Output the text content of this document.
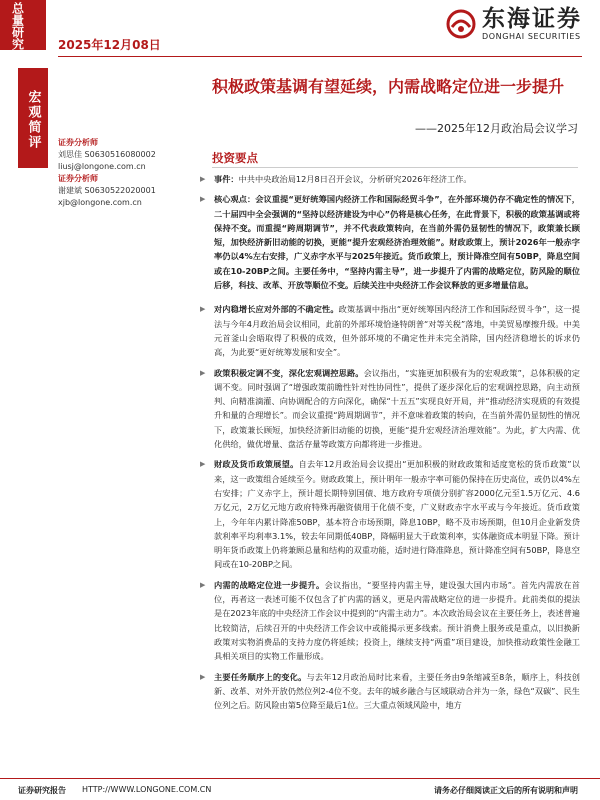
总量研究	2025年12月08日
东海证券
DONGHAI SECURITIES
宏观简评
积极政策基调有望延续，内需战略定位进一步提升
——2025年12月政治局会议学习
证券分析师
刘思佳 S0630516080002
liusj@longone.com.cn
证券分析师
谢建斌 S0630522020001
xjb@longone.com.cn
投资要点
▶ 事件：中共中央政治局12月8日召开会议，分析研究2026年经济工作。
▶ 核心观点：会议重提“更好统筹国内经济工作和国际经贸斗争”，在外部环境仍存不确定性的情况下，二十届四中全会强调的“坚持以经济建设为中心”仍将是核心任务，在此背景下，积极的政策基调或将保持不变。而重提“跨周期调节”，并不代表政策转向，在当前外需仍显韧性的情况下，政策兼长顾短，加快经济新旧动能的切换，更能“提升宏观经济治理效能”。财政政策上，预计2026年一般赤字率仍以4%左右安排，广义赤字水平与2025年接近。货币政策上，预计降准空间有50BP，降息空间或在10-20BP之间。主要任务中，“坚持内需主导”，进一步提升了内需的战略定位，防风险的顺位后移，科技、改革、开放等顺位不变。后续关注中央经济工作会议释放的更多增量信息。
▶ 对内稳增长应对外部的不确定性。政策基调中指出“更好统筹国内经济工作和国际经贸斗争”，这一提法与今年4月政治局会议相同，此前的外部环境恰逢特朗普“对等关税”落地，中美贸易摩擦升级。中美元首釜山会晤取得了积极的成效，但外部环境的不确定性并未完全消除，国内经济稳增长的诉求仍高，为此要“更好统筹发展和安全”。
▶ 政策积极定调不变，深化宏观调控思路。会议指出，“实施更加积极有为的宏观政策”，总体积极的定调不变。同时强调了“增强政策前瞻性针对性协同性”，提供了逐步深化后的宏观调控思路，向主动预判、向精准滴灌、向协调配合的方向深化，确保“十五五”实现良好开局，并“推动经济实现质的有效提升和量的合理增长”。而会议重提“跨周期调节”，并不意味着政策的转向，在当前外需仍显韧性的情况下，政策兼长顾短，加快经济新旧动能的切换，更能“提升宏观经济治理效能”。为此，扩大内需、优化供给，做优增量、盘活存量等政策方向都将进一步推进。
▶ 财政及货币政策展望。自去年12月政治局会议提出“更加积极的财政政策和适度宽松的货币政策”以来，这一政策组合延续至今。财政政策上，预计明年一般赤字率可能仍保持在历史高位，或仍以4%左右安排；广义赤字上，预计超长期特别国债、地方政府专项债分别扩容2000亿元至1.5万亿元、4.6万亿元，2万亿元地方政府特殊再融资债用于化债不变，广义财政赤字水平或与今年接近。货币政策上，今年年内累计降准50BP，基本符合市场预期，降息10BP，略不及市场预期，但10月企业新发贷款利率平均利率3.1%，较去年同期低40BP，降幅明显大于政策利率，实体融资成本明显下降。预计明年货币政策上仍将兼顾总量和结构的双重功能，适时进行降准降息，预计降准空间有50BP，降息空间或在10-20BP之间。
▶ 内需的战略定位进一步提升。会议指出，“要坚持内需主导，建设强大国内市场”。首先内需放在首位，再者这一表述可能不仅包含了扩内需的涵义，更是内需战略定位的进一步提升。此前类似的提法是在2023年底的中央经济工作会议中提到的“内需主动力”。本次政治局会议在主要任务上，表述普遍比较简洁，后续召开的中央经济工作会议中或能揭示更多线索。预计消费上服务或是重点，以旧换新政策对实物消费品的支持力度仍将延续；投资上，继续支持“两重”项目建设，加快推动政策性金融工具相关项目的实物工作量形成。
▶ 主要任务顺序上的变化。与去年12月政治局时比来看，主要任务由9条缩减至8条，顺序上，科技创新、改革、对外开放仍然位列2-4位不变。去年的城乡融合与区域联动合并为一条，绿色“双碳”、民生位列之后。防风险由第5位降至最后1位。三大重点领域风险中，地方
证券研究报告 HTTP://WWW.LONGONE.COM.CN	请务必仔细阅读正文后的所有说明和声明
